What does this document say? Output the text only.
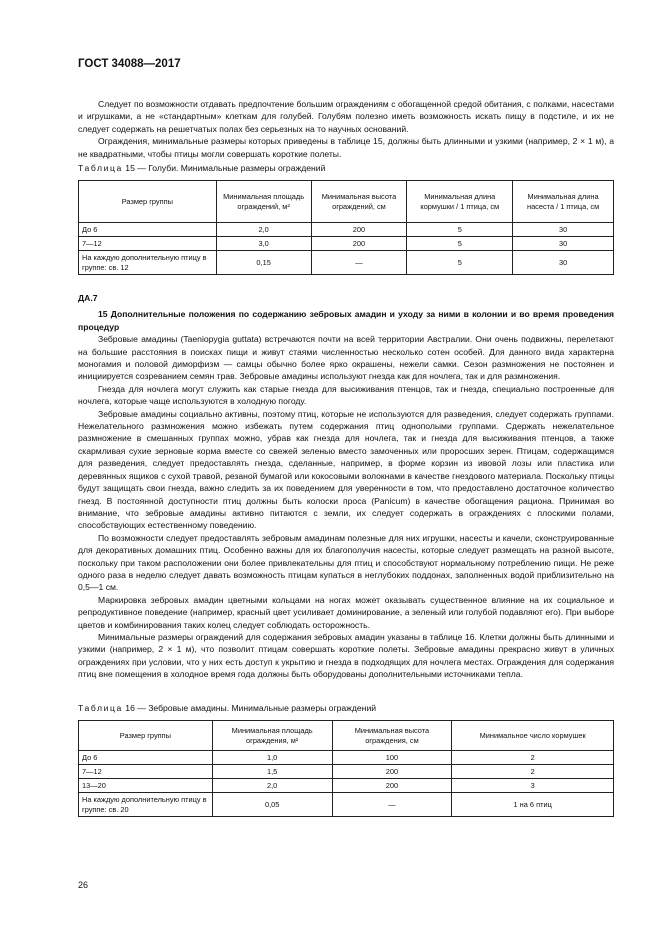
ГОСТ 34088—2017

Следует по возможности отдавать предпочтение большим ограждениям с обогащенной средой обитания, с полками, насестами и игрушками, а не «стандартным» клеткам для голубей. Голубям полезно иметь возможность искать пищу в подстиле, и их не следует содержать на решетчатых полах без серьезных на то научных оснований.

Ограждения, минимальные размеры которых приведены в таблице 15, должны быть длинными и узкими (например, 2 × 1 м), а не квадратными, чтобы птицы могли совершать короткие полеты.

Таблица 15 — Голуби. Минимальные размеры ограждений
Размер группы	Минимальная площадь ограждений, м²	Минимальная высота ограждений, см	Минимальная длина кормушки / 1 птица, см	Минимальная длина насеста / 1 птица, см
До 6	2,0	200	5	30
7—12	3,0	200	5	30
На каждую дополнительную птицу в группе: св. 12	0,15	—	5	30
ДА.7

15 Дополнительные положения по содержанию зебровых амадин и уходу за ними в колонии и во время проведения процедур

Зебровые амадины (Taeniopygia guttata) встречаются почти на всей территории Австралии. Они очень подвижны, перелетают на большие расстояния в поисках пищи и живут стаями численностью несколько сотен особей. Для данного вида характерна моногамия и половой диморфизм — самцы обычно более ярко окрашены, нежели самки. Сезон размножения не постоянен и инициируется созреванием семян трав. Зебровые амадины используют гнезда как для ночлега, так и для размножения.

Гнезда для ночлега могут служить как старые гнезда для высиживания птенцов, так и гнезда, специально построенные для ночлега, которые чаще используются в холодную погоду.

Зебровые амадины социально активны, поэтому птиц, которые не используются для разведения, следует содержать группами. Нежелательного размножения можно избежать путем содержания птиц однополыми группами. Сдержать нежелательное размножение в смешанных группах можно, убрав как гнезда для ночлега, так и гнезда для высиживания птенцов, а также скармливая сухие зерновые корма вместе со свежей зеленью вместо замоченных или проросших зерен. Птицам, содержащимся для разведения, следует предоставлять гнезда, сделанные, например, в форме корзин из ивовой лозы или пластика или деревянных ящиков с сухой травой, резаной бумагой или кокосовыми волокнами в качестве гнездового материала. Поскольку птицы будут защищать свои гнезда, важно следить за их поведением для уверенности в том, что предоставлено достаточное количество гнезд. В постоянной доступности птиц должны быть колоски проса (Panicum) в качестве обогащения рациона. Принимая во внимание, что зебровые амадины активно питаются с земли, их следует содержать в ограждениях с плоскими полами, способствующих естественному поведению.

По возможности следует предоставлять зебровым амадинам полезные для них игрушки, насесты и качели, сконструированные для декоративных домашних птиц. Особенно важны для их благополучия насесты, которые следует размещать на разной высоте, поскольку при таком расположении они более привлекательны для птиц и способствуют нормальному потреблению пищи. Не реже одного раза в неделю следует давать возможность птицам купаться в неглубоких поддонах, заполненных водой приблизительно на 0,5—1 см.

Маркировка зебровых амадин цветными кольцами на ногах может оказывать существенное влияние на их социальное и репродуктивное поведение (например, красный цвет усиливает доминирование, а зеленый или голубой подавляют его). При выборе цветов и комбинирования таких колец следует соблюдать осторожность.

Минимальные размеры ограждений для содержания зебровых амадин указаны в таблице 16. Клетки должны быть длинными и узкими (например, 2 × 1 м), что позволит птицам совершать короткие полеты. Зебровые амадины прекрасно живут в уличных ограждениях при условии, что у них есть доступ к укрытию и гнезда в подходящих для ночлега местах. Ограждения для содержания птиц вне помещения в холодное время года должны быть оборудованы дополнительными источниками тепла.

Таблица 16 — Зебровые амадины. Минимальные размеры ограждений
Размер группы	Минимальная площадь ограждения, м²	Минимальная высота ограждения, см	Минимальное число кормушек
До 6	1,0	100	2
7—12	1,5	200	2
13—20	2,0	200	3
На каждую дополнительную птицу в группе: св. 20	0,05	—	1 на 6 птиц
26
